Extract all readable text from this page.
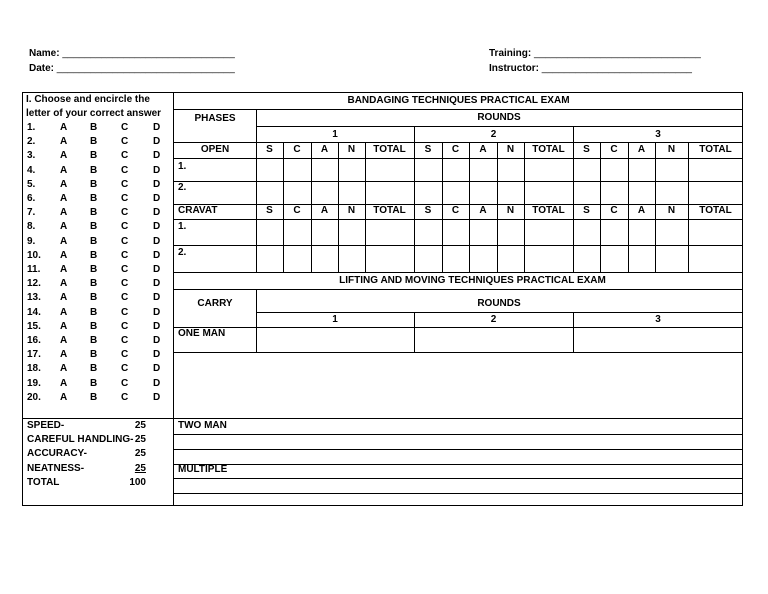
Name: _______________________________
Date: ________________________________
Training: ______________________________
Instructor: ___________________________
I. Choose and encircle the
letter of your correct answer
1. A B C D
2. A B C D
3. A B C D
4. A B C D
5. A B C D
6. A B C D
7. A B C D
8. A B C D
9. A B C D
10. A B C D
11. A B C D
12. A B C D
13. A B C D
14. A B C D
15. A B C D
16. A B C D
17. A B C D
18. A B C D
19. A B C D
20. A B C D
SPEED-	25
CAREFUL HANDLING- 25
ACCURACY-	25
NEATNESS-	25
TOTAL	100
BANDAGING TECHNIQUES PRACTICAL EXAM
PHASES	ROUNDS
1	2	3
OPEN	S C A N TOTAL S C A N TOTAL S C A N TOTAL
1.
2.
CRAVAT	S C A N TOTAL S C A N TOTAL S C A N TOTAL
1.
2.
LIFTING AND MOVING TECHNIQUES PRACTICAL EXAM
CARRY	ROUNDS
1	2	3
ONE MAN
TWO MAN
MULTIPLE
